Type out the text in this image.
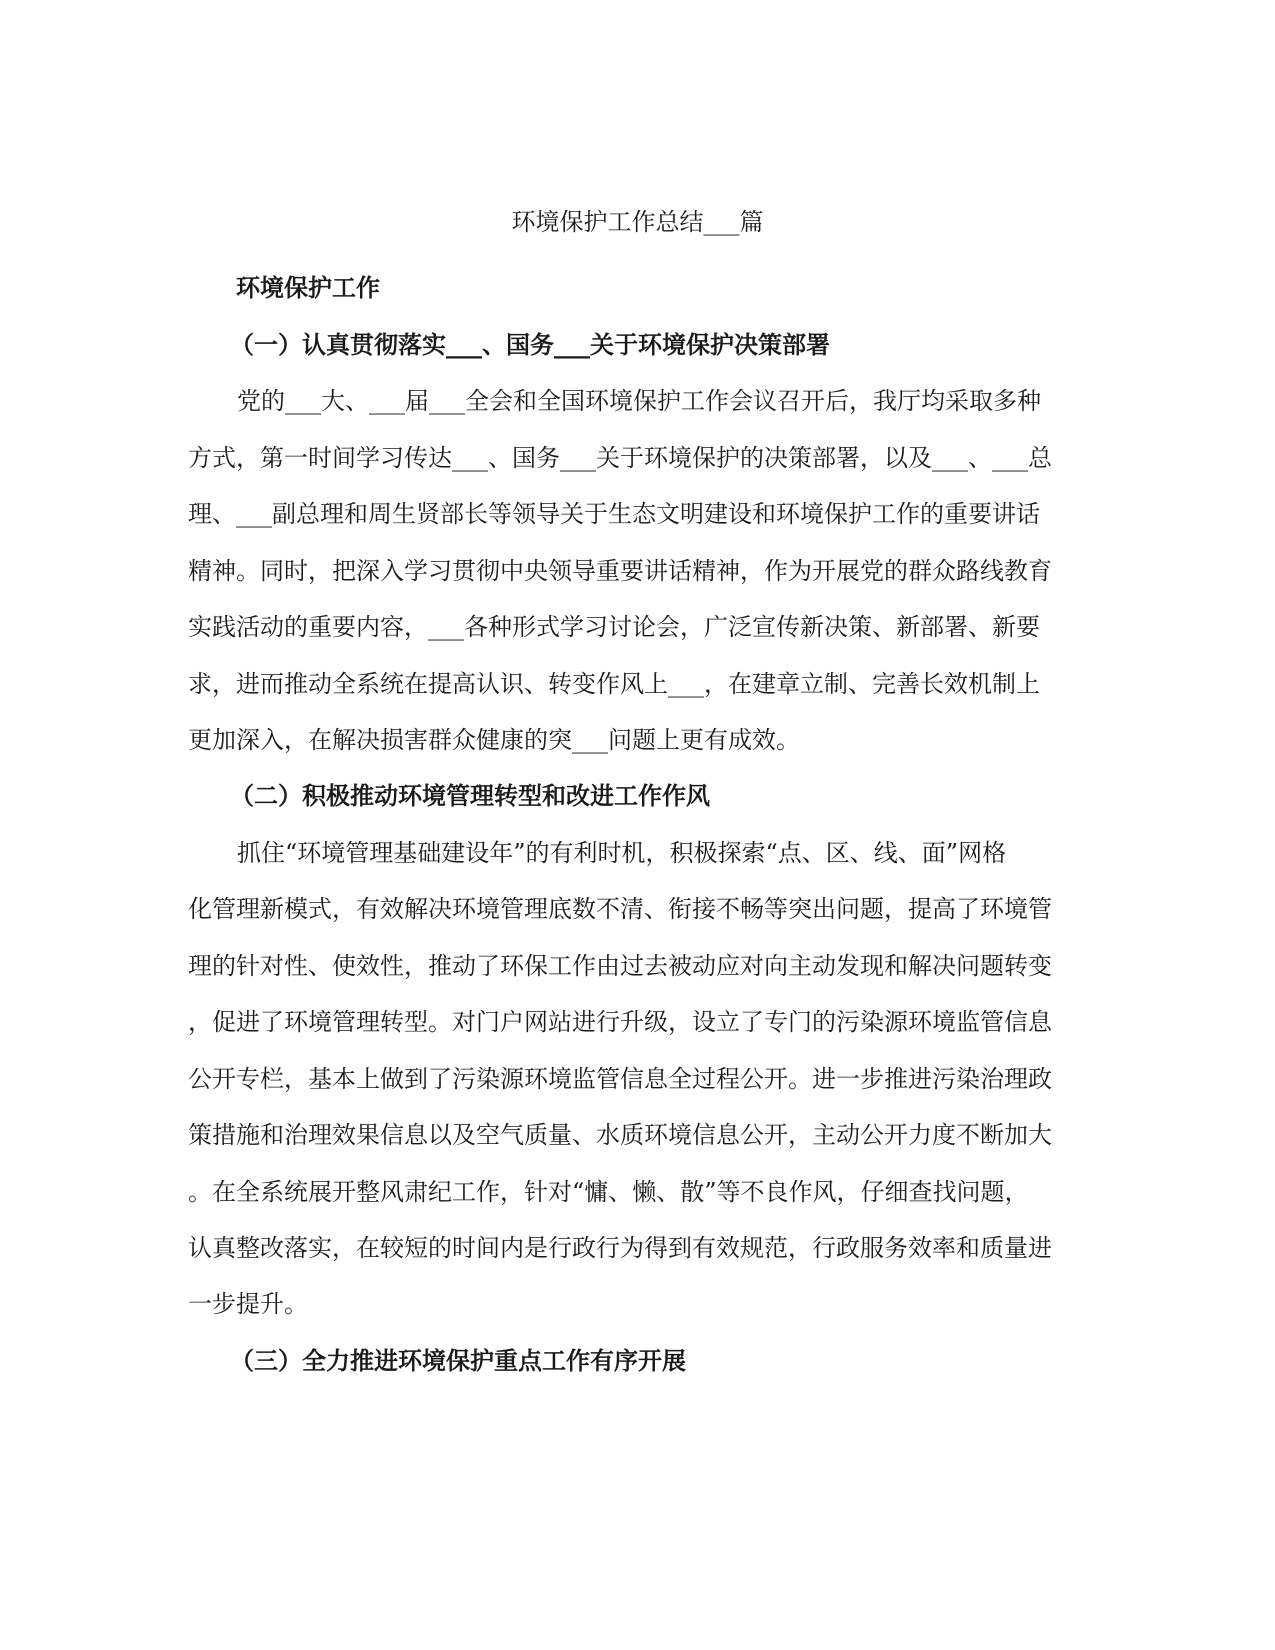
环境保护工作总结___篇
环境保护工作
（一）认真贯彻落实___、国务___关于环境保护决策部署
党的___大、___届___全会和全国环境保护工作会议召开后，我厅均采取多种
方式，第一时间学习传达___、国务___关于环境保护的决策部署，以及___、___总
理、___副总理和周生贤部长等领导关于生态文明建设和环境保护工作的重要讲话
精神。同时，把深入学习贯彻中央领导重要讲话精神，作为开展党的群众路线教育
实践活动的重要内容，___各种形式学习讨论会，广泛宣传新决策、新部署、新要
求，进而推动全系统在提高认识、转变作风上___，在建章立制、完善长效机制上
更加深入，在解决损害群众健康的突___问题上更有成效。
（二）积极推动环境管理转型和改进工作作风
抓住“环境管理基础建设年”的有利时机，积极探索“点、区、线、面”网格
化管理新模式，有效解决环境管理底数不清、衔接不畅等突出问题，提高了环境管
理的针对性、使效性，推动了环保工作由过去被动应对向主动发现和解决问题转变
，促进了环境管理转型。对门户网站进行升级，设立了专门的污染源环境监管信息
公开专栏，基本上做到了污染源环境监管信息全过程公开。进一步推进污染治理政
策措施和治理效果信息以及空气质量、水质环境信息公开，主动公开力度不断加大
。在全系统展开整风肃纪工作，针对“慵、懒、散”等不良作风，仔细查找问题，
认真整改落实，在较短的时间内是行政行为得到有效规范，行政服务效率和质量进
一步提升。
（三）全力推进环境保护重点工作有序开展
